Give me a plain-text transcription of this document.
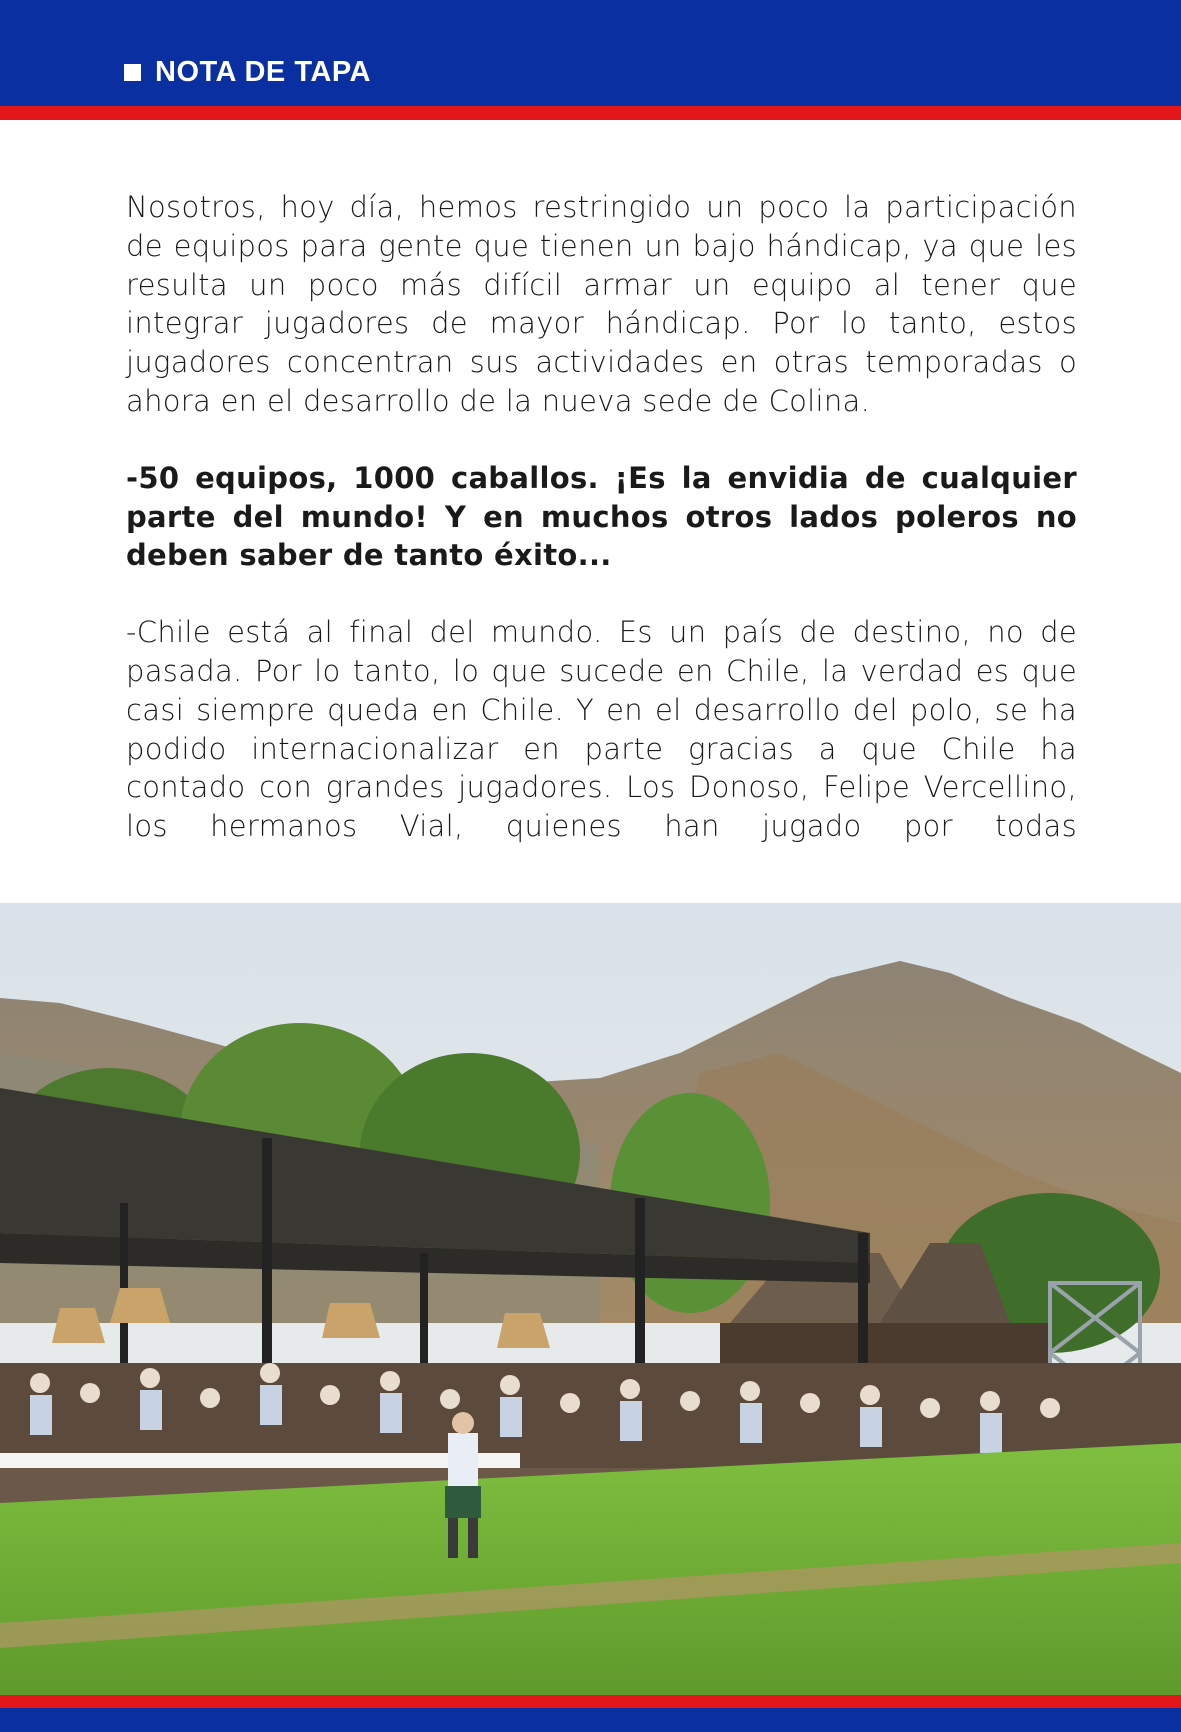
NOTA DE TAPA

Nosotros, hoy día, hemos restringido un poco la participación de equipos para gente que tienen un bajo hándicap, ya que les resulta un poco más difícil armar un equipo al tener que integrar jugadores de mayor hándicap. Por lo tanto, estos jugadores concentran sus actividades en otras temporadas o ahora en el desarrollo de la nueva sede de Colina.

-50 equipos, 1000 caballos. ¡Es la envidia de cualquier parte del mundo! Y en muchos otros lados poleros no deben saber de tanto éxito...

-Chile está al final del mundo. Es un país de destino, no de pasada. Por lo tanto, lo que sucede en Chile, la verdad es que casi siempre queda en Chile. Y en el desarrollo del polo, se ha podido internacionalizar en parte gracias a que Chile ha contado con grandes jugadores. Los Donoso, Felipe Vercellino, los hermanos Vial, quienes han jugado por todas
